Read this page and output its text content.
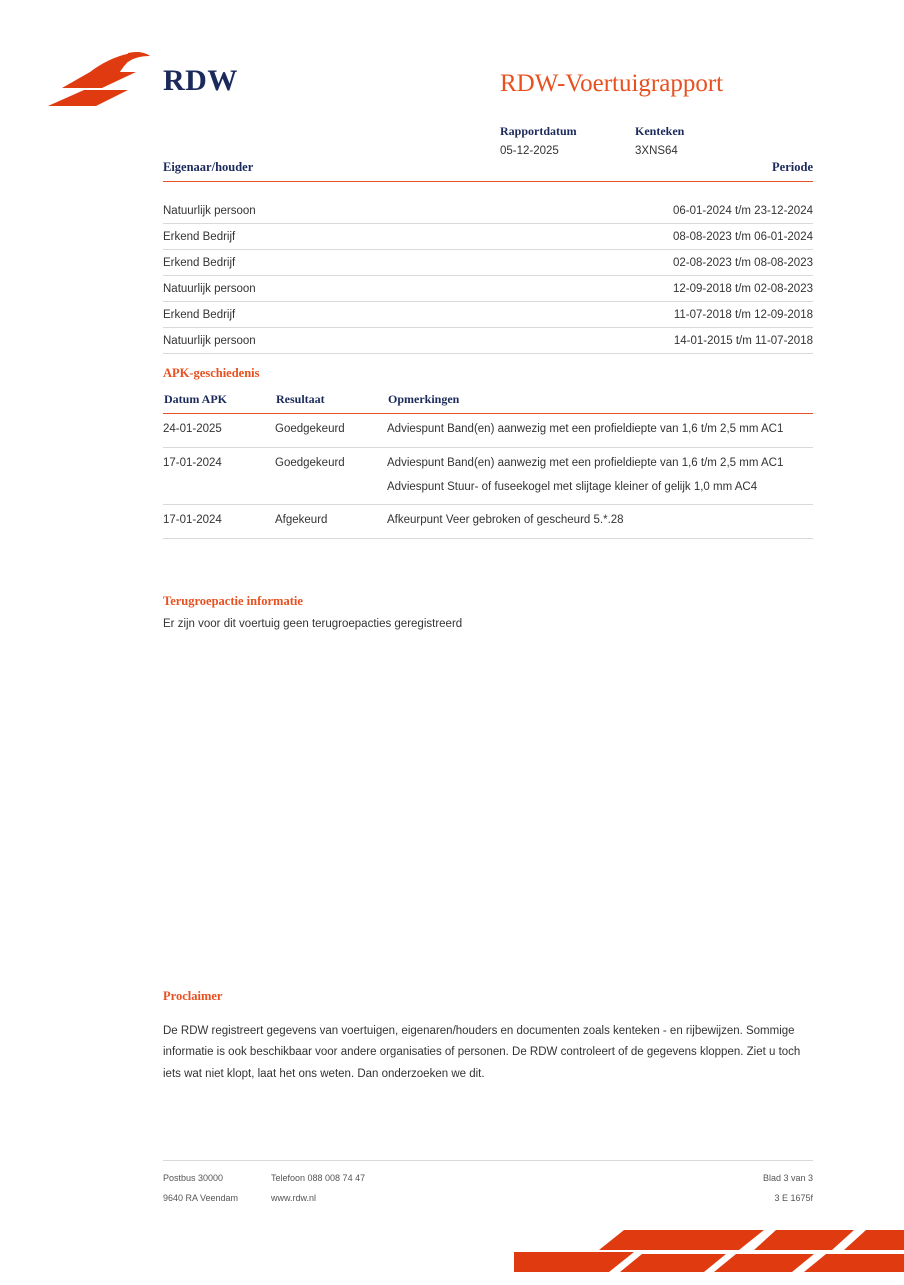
RDW	RDW-Voertuigrapport
Rapportdatum	Kenteken
05-12-2025	3XNS64
Eigenaar/houder	Periode
Natuurlijk persoon	06-01-2024 t/m 23-12-2024
Erkend Bedrijf	08-08-2023 t/m 06-01-2024
Erkend Bedrijf	02-08-2023 t/m 08-08-2023
Natuurlijk persoon	12-09-2018 t/m 02-08-2023
Erkend Bedrijf	11-07-2018 t/m 12-09-2018
Natuurlijk persoon	14-01-2015 t/m 11-07-2018
APK-geschiedenis
Datum APK	Resultaat	Opmerkingen
24-01-2025	Goedgekeurd	Adviespunt Band(en) aanwezig met een profieldiepte van 1,6 t/m 2,5 mm AC1

17-01-2024	Goedgekeurd	Adviespunt Band(en) aanwezig met een profieldiepte van 1,6 t/m 2,5 mm AC1
Adviespunt Stuur- of fuseekogel met slijtage kleiner of gelijk 1,0 mm AC4

17-01-2024	Afgekeurd	Afkeurpunt Veer gebroken of gescheurd 5.*.28
Terugroepactie informatie
Er zijn voor dit voertuig geen terugroepacties geregistreerd
Proclaimer
De RDW registreert gegevens van voertuigen, eigenaren/houders en documenten zoals kenteken - en rijbewijzen. Sommige informatie is ook beschikbaar voor andere organisaties of personen. De RDW controleert of de gegevens kloppen. Ziet u toch iets wat niet klopt, laat het ons weten. Dan onderzoeken we dit.
Postbus 30000	Telefoon 088 008 74 47	Blad 3 van 3
9640 RA Veendam	www.rdw.nl	3 E 1675f
